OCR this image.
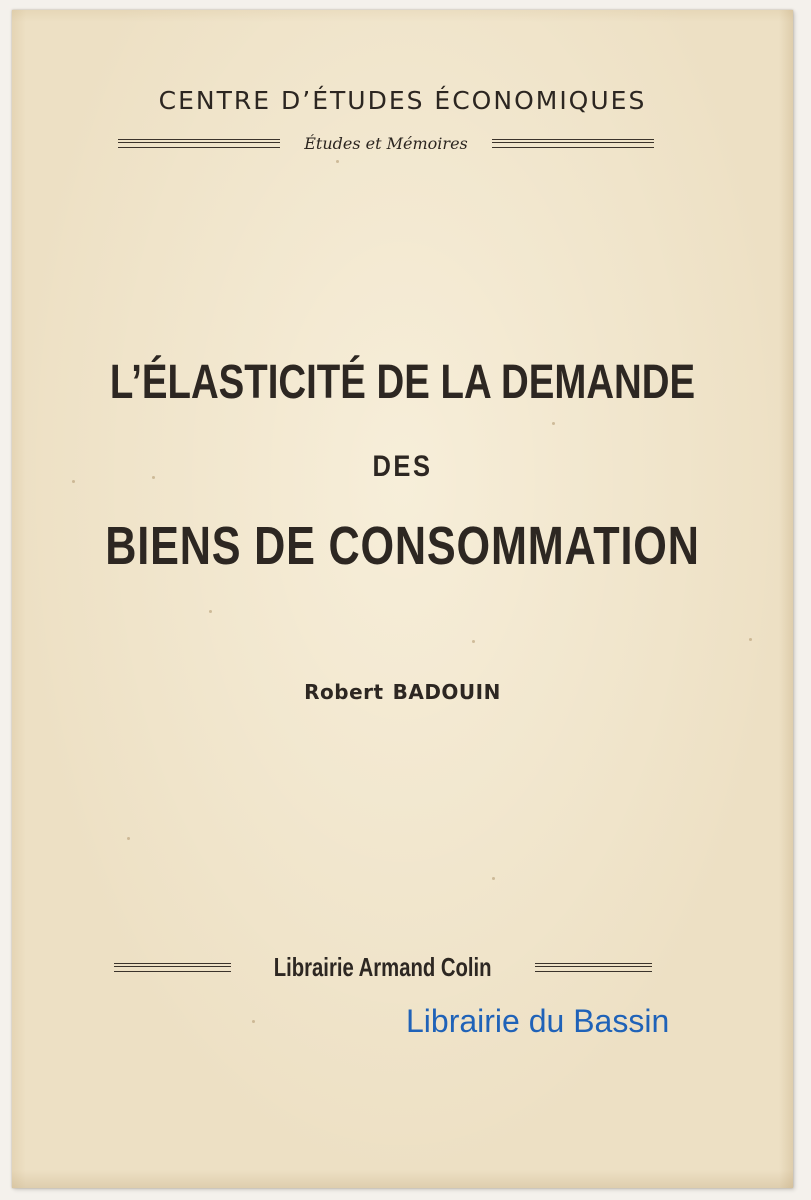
CENTRE D’ÉTUDES ÉCONOMIQUES
Études et Mémoires
L’ÉLASTICITÉ DE LA DEMANDE
DES
BIENS DE CONSOMMATION
Robert BADOUIN
Librairie Armand Colin
Librairie du Bassin
